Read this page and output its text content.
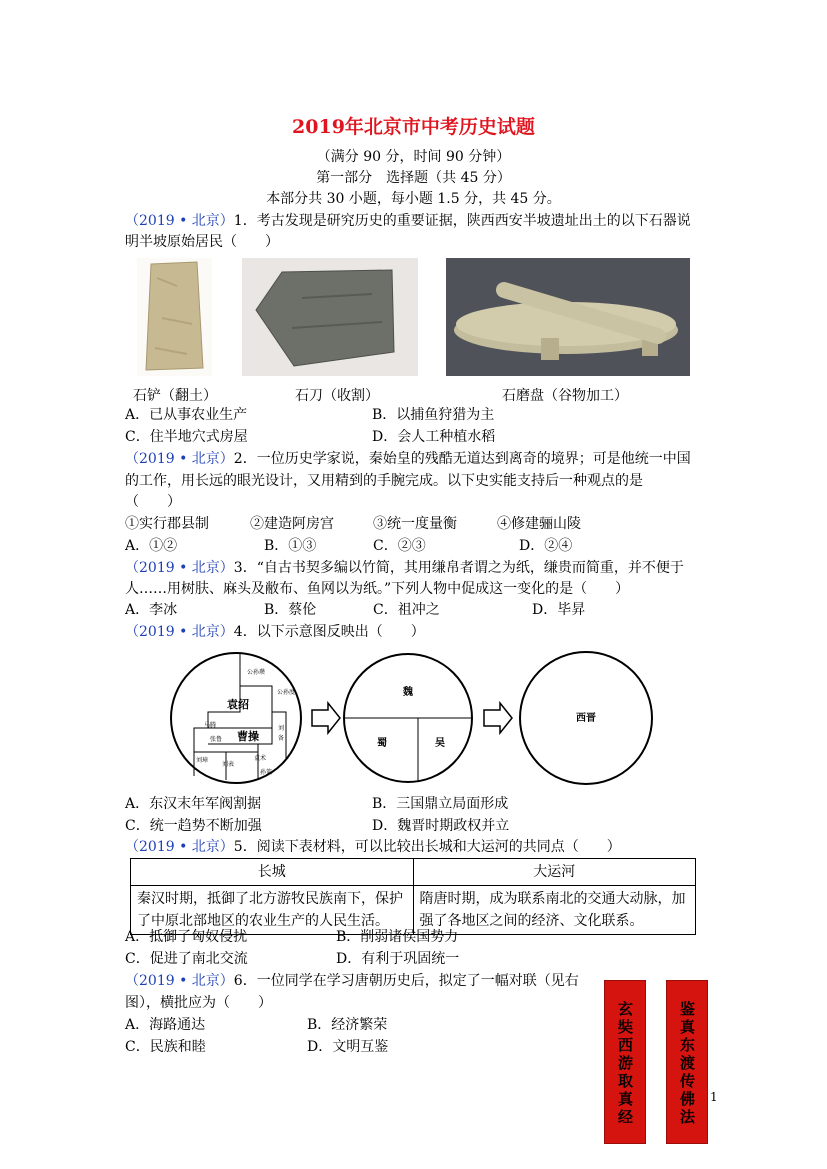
2019年北京市中考历史试题
（满分 90 分，时间 90 分钟）
第一部分　选择题（共 45 分）
本部分共 30 小题，每小题 1.5 分，共 45 分。
（2019 • 北京）1．考古发现是研究历史的重要证据，陕西西安半坡遗址出土的以下石器说
明半坡原始居民（　　）
石铲（翻土）	石刀（收割）	石磨盘（谷物加工）
A．已从事农业生产	B．以捕鱼狩猎为主
C．住半地穴式房屋	D．会人工种植水稻
（2019 • 北京）2．一位历史学家说，秦始皇的残酷无道达到离奇的境界；可是他统一中国
的工作，用长远的眼光设计，又用精到的手腕完成。以下史实能支持后一种观点的是
（　　）
①实行郡县制	②建造阿房宫	③统一度量衡	④修建骊山陵
A．①②	B．①③	C．②③	D．②④
（2019 • 北京）3．“自古书契多编以竹简，其用缣帛者谓之为纸，缣贵而简重，并不便于
人……用树肤、麻头及敝布、鱼网以为纸。”下列人物中促成这一变化的是（　　）
A．李冰	B．蔡伦	C．祖冲之	D．毕昇
（2019 • 北京）4．以下示意图反映出（　　）
公孙瓒
公孙度
袁绍
曹操
马腾
张鲁
刘
备
刘璋
刘表
袁术
孙策
魏
蜀	吴
西晋
A．东汉末年军阀割据	B．三国鼎立局面形成
C．统一趋势不断加强	D．魏晋时期政权并立
（2019 • 北京）5．阅读下表材料，可以比较出长城和大运河的共同点（　　）
长城	大运河
秦汉时期，抵御了北方游牧民族南下，保护了中原北部地区的农业生产的人民生活。	隋唐时期，成为联系南北的交通大动脉，加强了各地区之间的经济、文化联系。
A．抵御了匈奴侵扰	B．削弱诸侯国势力
C．促进了南北交流	D．有利于巩固统一
（2019 • 北京）6．一位同学在学习唐朝历史后，拟定了一幅对联（见右
图），横批应为（　　）
A．海路通达	B．经济繁荣
C．民族和睦	D．文明互鉴	玄奘西游取真经	鉴真东渡传佛法 1
